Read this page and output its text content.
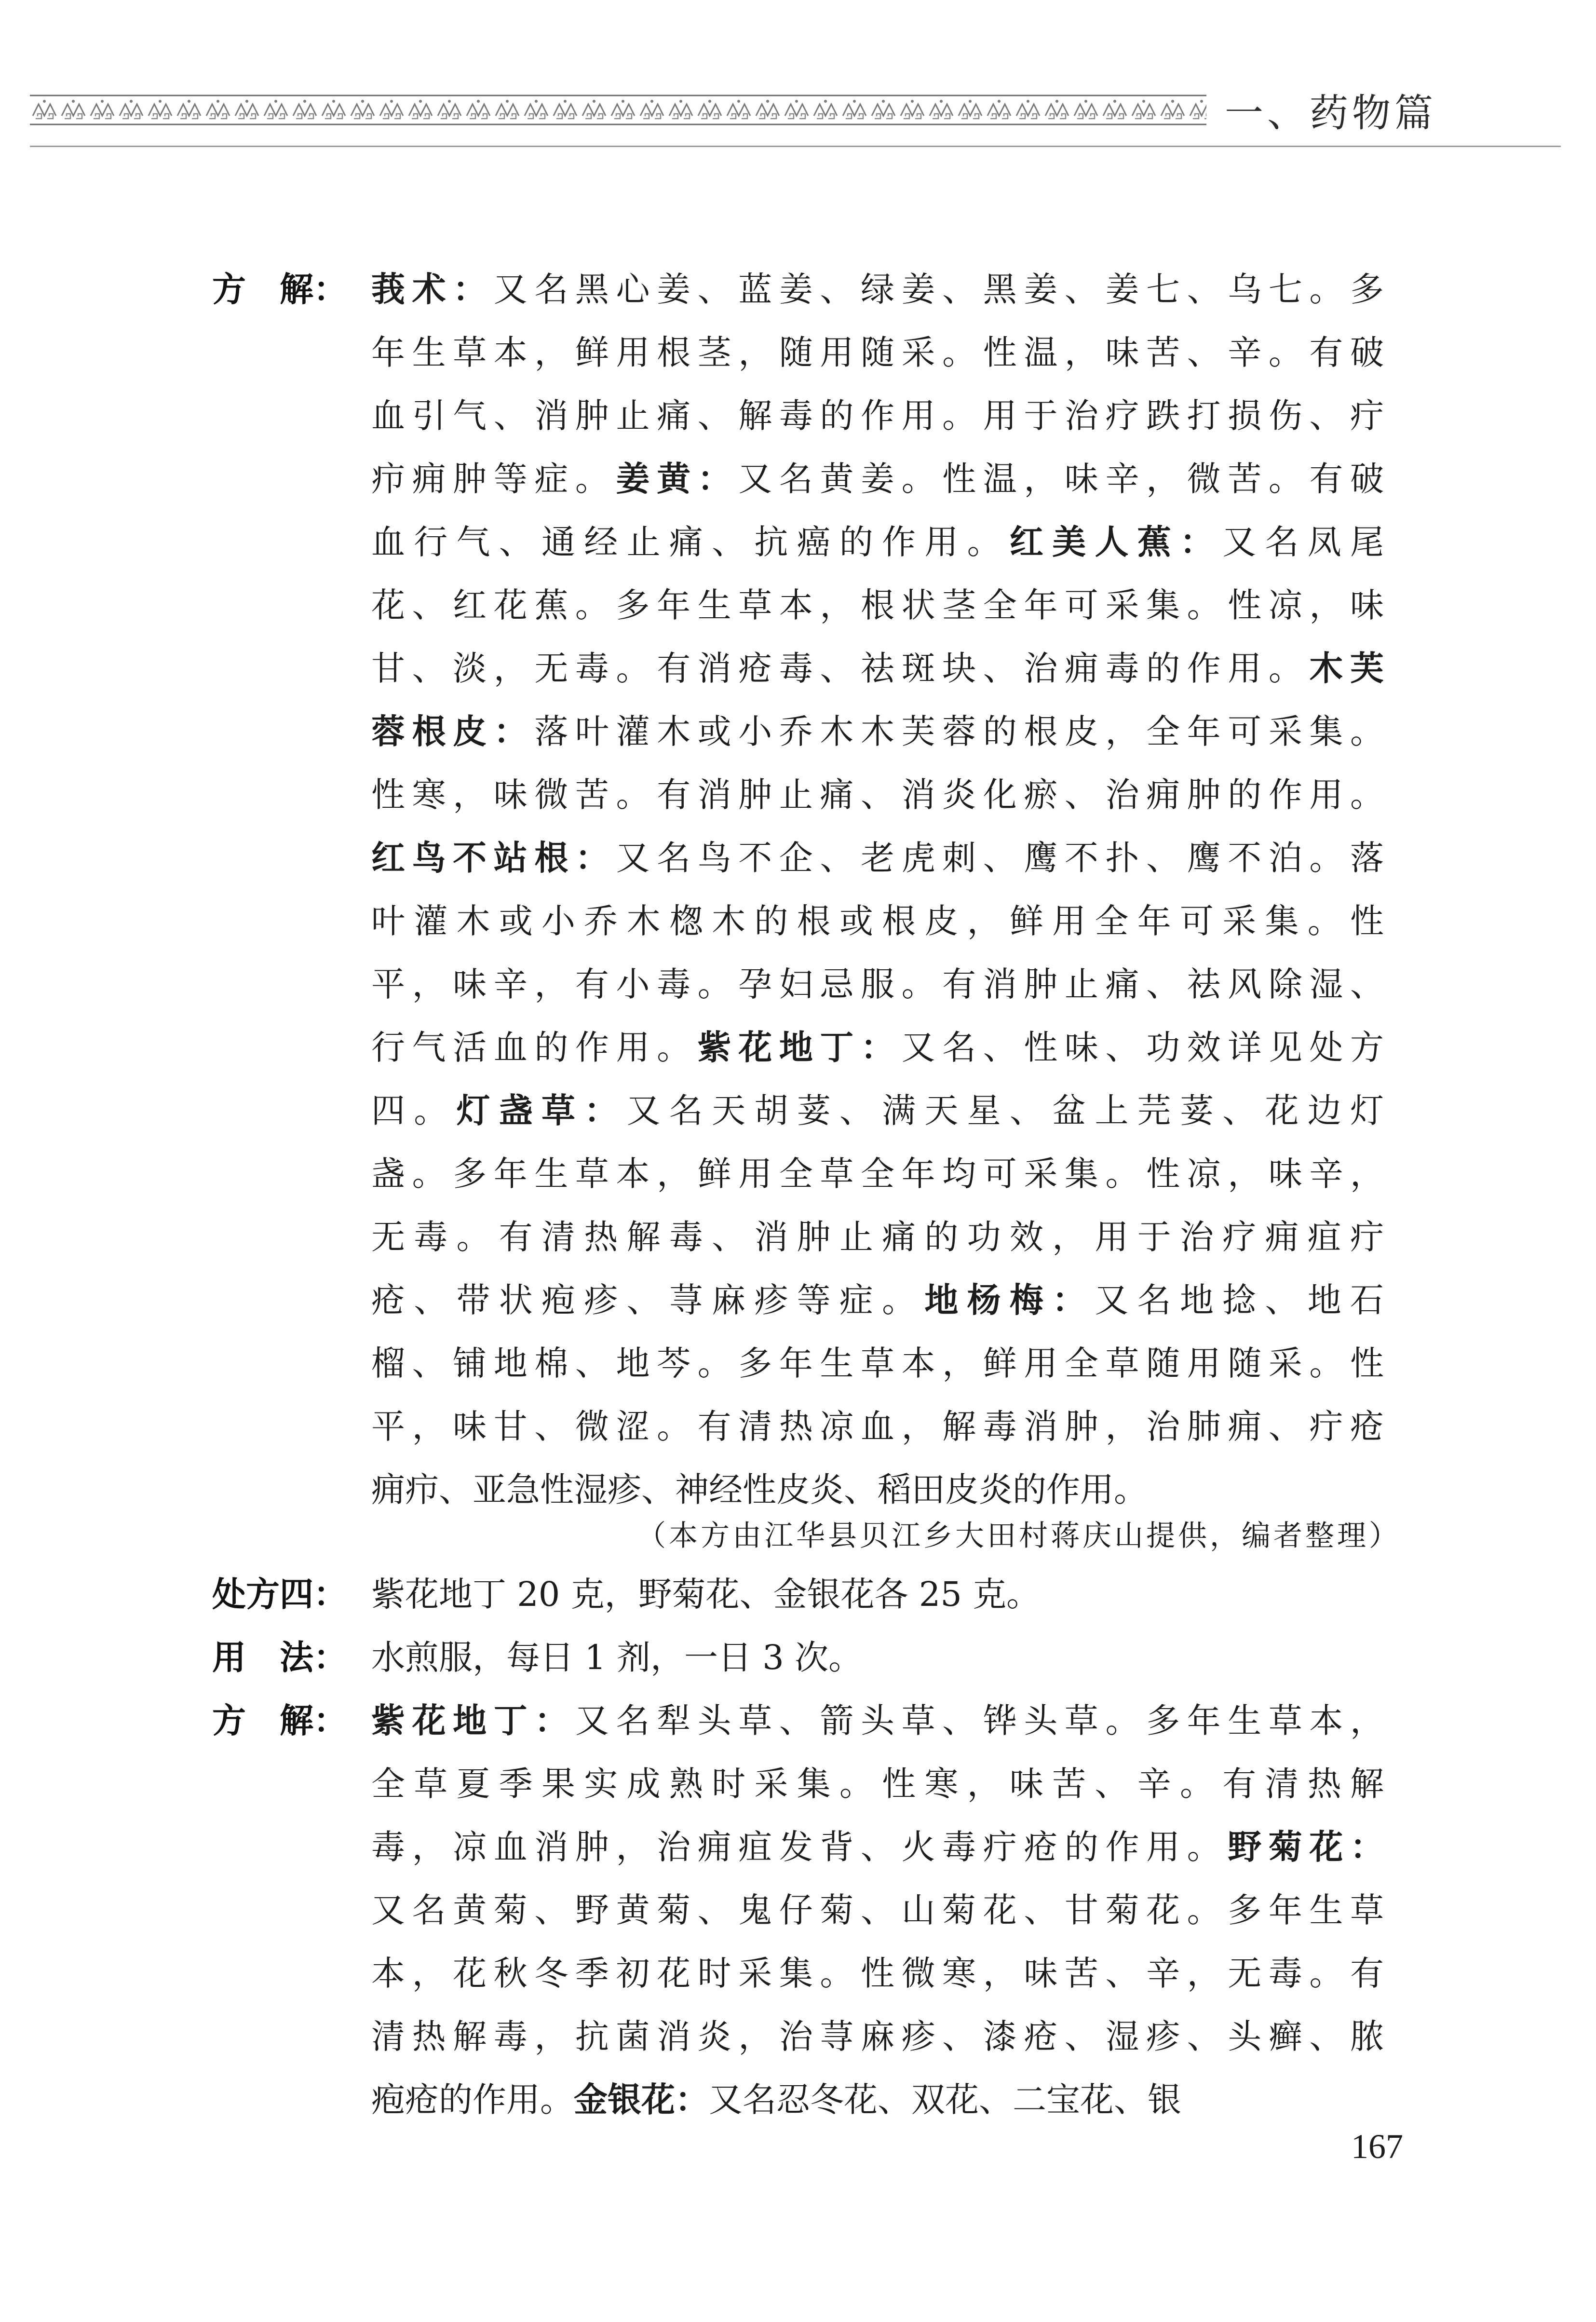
一、药物篇
方　解： 莪术：又名黑心姜、蓝姜、绿姜、黑姜、姜七、乌七。多
年生草本，鲜用根茎，随用随采。性温，味苦、辛。有破
血引气、消肿止痛、解毒的作用。用于治疗跌打损伤、疔
疖痈肿等症。姜黄：又名黄姜。性温，味辛，微苦。有破
血行气、通经止痛、抗癌的作用。红美人蕉：又名凤尾
花、红花蕉。多年生草本，根状茎全年可采集。性凉，味
甘、淡，无毒。有消疮毒、祛斑块、治痈毒的作用。木芙
蓉根皮：落叶灌木或小乔木木芙蓉的根皮，全年可采集。
性寒，味微苦。有消肿止痛、消炎化瘀、治痈肿的作用。
红鸟不站根：又名鸟不企、老虎刺、鹰不扑、鹰不泊。落
叶灌木或小乔木楤木的根或根皮，鲜用全年可采集。性
平，味辛，有小毒。孕妇忌服。有消肿止痛、祛风除湿、
行气活血的作用。紫花地丁：又名、性味、功效详见处方
四。灯盏草：又名天胡荽、满天星、盆上芫荽、花边灯
盏。多年生草本，鲜用全草全年均可采集。性凉，味辛，
无毒。有清热解毒、消肿止痛的功效，用于治疗痈疽疔
疮、带状疱疹、荨麻疹等症。地杨梅：又名地捻、地石
榴、铺地棉、地芩。多年生草本，鲜用全草随用随采。性
平，味甘、微涩。有清热凉血，解毒消肿，治肺痈、疔疮
痈疖、亚急性湿疹、神经性皮炎、稻田皮炎的作用。
（本方由江华县贝江乡大田村蒋庆山提供，编者整理）
处方四： 紫花地丁 20 克，野菊花、金银花各 25 克。
用　法： 水煎服，每日 1 剂，一日 3 次。
方　解： 紫花地丁：又名犁头草、箭头草、铧头草。多年生草本，
全草夏季果实成熟时采集。性寒，味苦、辛。有清热解
毒，凉血消肿，治痈疽发背、火毒疔疮的作用。野菊花：
又名黄菊、野黄菊、鬼仔菊、山菊花、甘菊花。多年生草
本，花秋冬季初花时采集。性微寒，味苦、辛，无毒。有
清热解毒，抗菌消炎，治荨麻疹、漆疮、湿疹、头癣、脓
疱疮的作用。金银花：又名忍冬花、双花、二宝花、银
167
